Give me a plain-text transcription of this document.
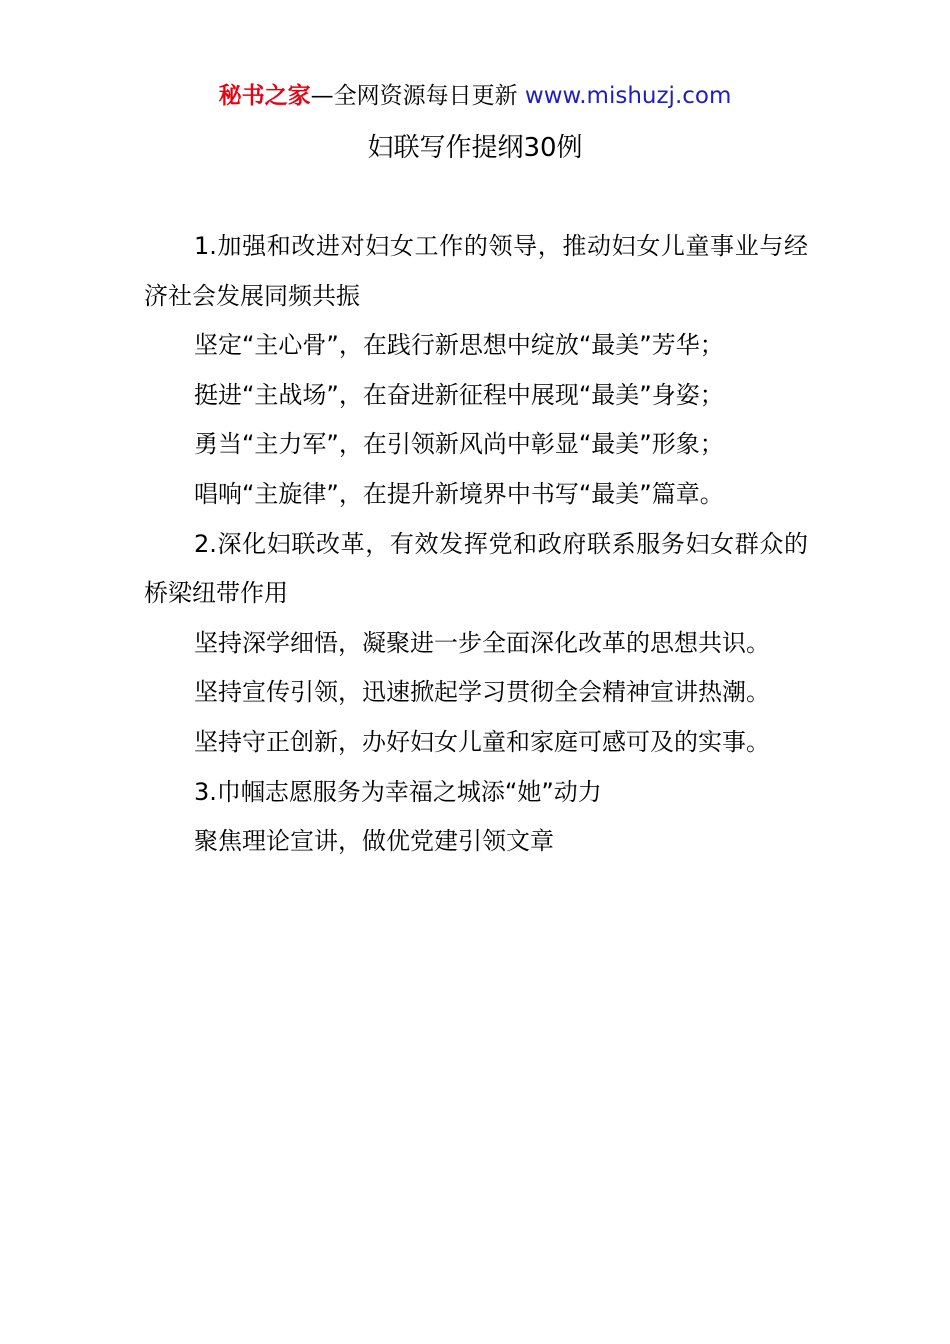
秘书之家—全网资源每日更新 www.mishuzj.com
妇联写作提纲30例

1.加强和改进对妇女工作的领导，推动妇女儿童事业与经济社会发展同频共振

坚定“主心骨”，在践行新思想中绽放“最美”芳华；

挺进“主战场”，在奋进新征程中展现“最美”身姿；

勇当“主力军”，在引领新风尚中彰显“最美”形象；

唱响“主旋律”，在提升新境界中书写“最美”篇章。

2.深化妇联改革，有效发挥党和政府联系服务妇女群众的桥梁纽带作用

坚持深学细悟，凝聚进一步全面深化改革的思想共识。

坚持宣传引领，迅速掀起学习贯彻全会精神宣讲热潮。

坚持守正创新，办好妇女儿童和家庭可感可及的实事。

3.巾帼志愿服务为幸福之城添“她”动力

聚焦理论宣讲，做优党建引领文章
